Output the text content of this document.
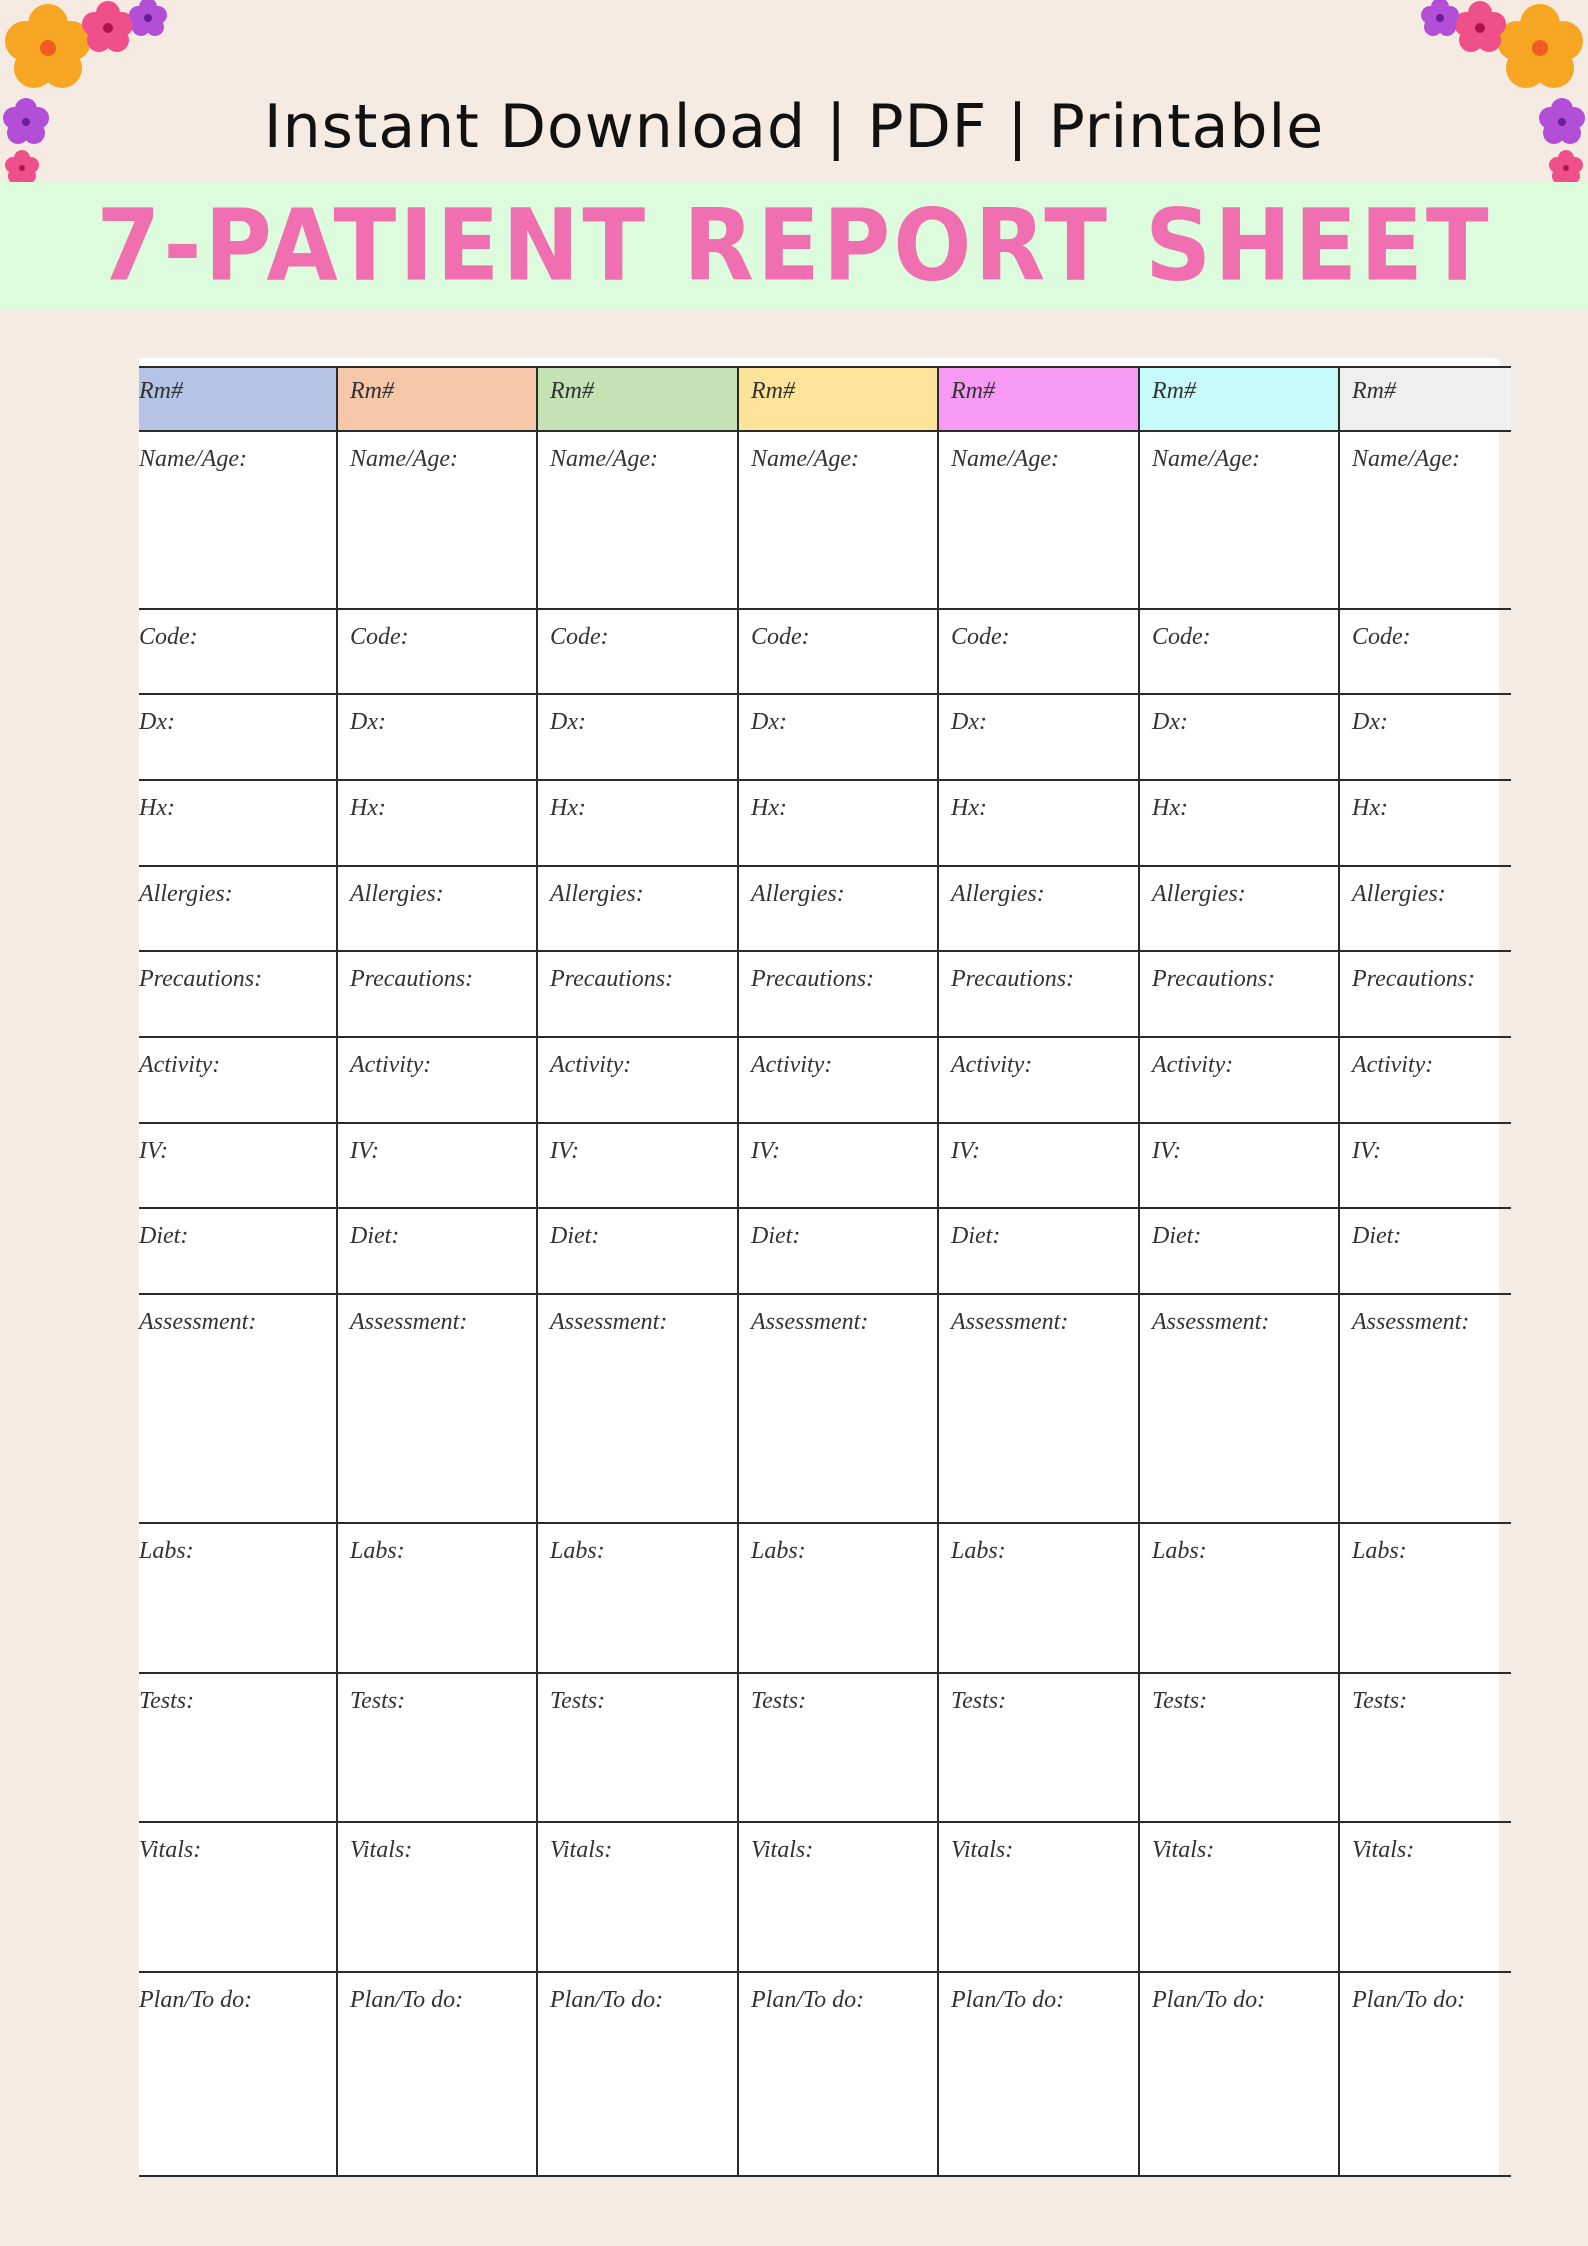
Instant Download | PDF | Printable
7-PATIENT REPORT SHEET
Rm#	Rm#	Rm#	Rm#	Rm#	Rm#	Rm#

Name/Age:	Name/Age:	Name/Age:	Name/Age:	Name/Age:	Name/Age:	Name/Age:

Code:	Code:	Code:	Code:	Code:	Code:	Code:

Dx:	Dx:	Dx:	Dx:	Dx:	Dx:	Dx:

Hx:	Hx:	Hx:	Hx:	Hx:	Hx:	Hx:

Allergies:	Allergies:	Allergies:	Allergies:	Allergies:	Allergies:	Allergies:

Precautions:	Precautions:	Precautions:	Precautions:	Precautions:	Precautions:	Precautions:

Activity:	Activity:	Activity:	Activity:	Activity:	Activity:	Activity:

IV:	IV:	IV:	IV:	IV:	IV:	IV:

Diet:	Diet:	Diet:	Diet:	Diet:	Diet:	Diet:

Assessment:	Assessment:	Assessment:	Assessment:	Assessment:	Assessment:	Assessment:

Labs:	Labs:	Labs:	Labs:	Labs:	Labs:	Labs:

Tests:	Tests:	Tests:	Tests:	Tests:	Tests:	Tests:

Vitals:	Vitals:	Vitals:	Vitals:	Vitals:	Vitals:	Vitals:

Plan/To do:	Plan/To do:	Plan/To do:	Plan/To do:	Plan/To do:	Plan/To do:	Plan/To do:
